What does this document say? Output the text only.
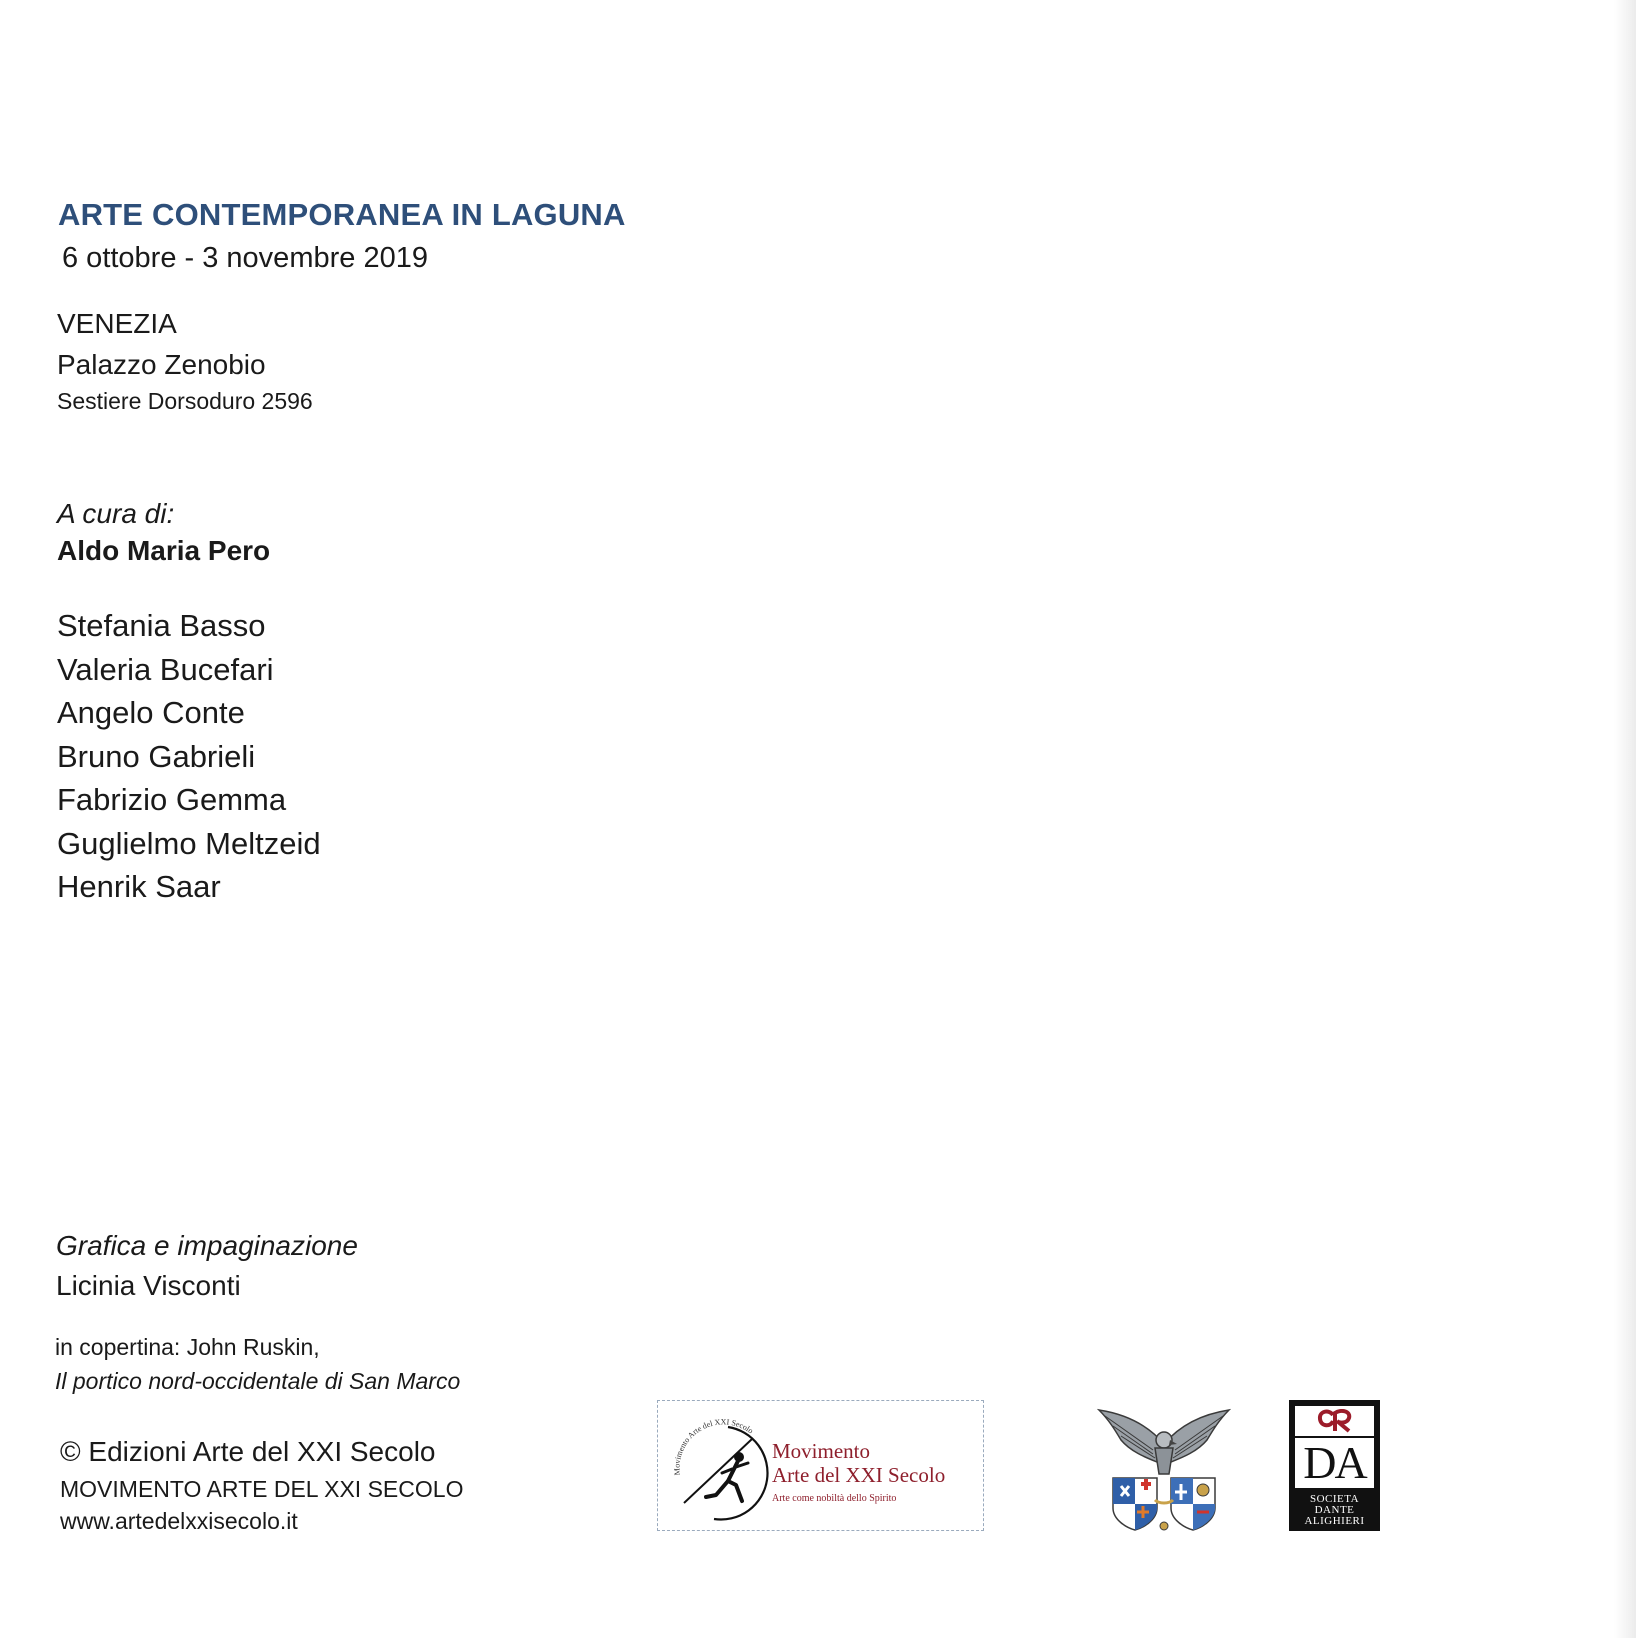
ARTE CONTEMPORANEA IN LAGUNA
6 ottobre - 3 novembre 2019
VENEZIA
Palazzo Zenobio
Sestiere Dorsoduro 2596
A cura di:
Aldo Maria Pero
Stefania Basso
Valeria Bucefari
Angelo Conte
Bruno Gabrieli
Fabrizio Gemma
Guglielmo Meltzeid
Henrik Saar
Grafica e impaginazione
Licinia Visconti
in copertina: John Ruskin,
Il portico nord-occidentale di San Marco
© Edizioni Arte del XXI Secolo
MOVIMENTO ARTE DEL XXI SECOLO
www.artedelxxisecolo.it
Movimento Arte del XXI Secolo
Movimento
Arte del XXI Secolo
Arte come nobiltà dello Spirito
DA
SOCIETA
DANTE
ALIGHIERI
